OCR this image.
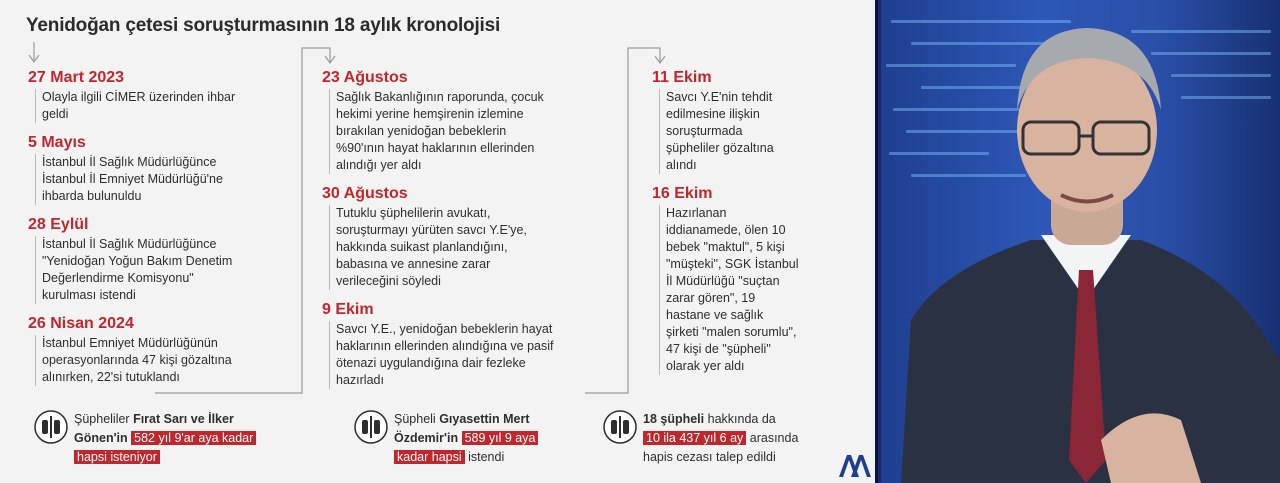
Yenidoğan çetesi soruşturmasının 18 aylık kronolojisi
27 Mart 2023
Olayla ilgili CİMER üzerinden ihbar
geldi
5 Mayıs
İstanbul İl Sağlık Müdürlüğünce
İstanbul İl Emniyet Müdürlüğü'ne
ihbarda bulunuldu
28 Eylül
İstanbul İl Sağlık Müdürlüğünce
"Yenidoğan Yoğun Bakım Denetim
Değerlendirme Komisyonu"
kurulması istendi
26 Nisan 2024
İstanbul Emniyet Müdürlüğünün
operasyonlarında 47 kişi gözaltına
alınırken, 22'si tutuklandı
23 Ağustos
Sağlık Bakanlığının raporunda, çocuk
hekimi yerine hemşirenin izlemine
bırakılan yenidoğan bebeklerin
%90'ının hayat haklarının ellerinden
alındığı yer aldı
30 Ağustos
Tutuklu şüphelilerin avukatı,
soruşturmayı yürüten savcı Y.E'ye,
hakkında suikast planlandığını,
babasına ve annesine zarar
verileceğini söyledi
9 Ekim
Savcı Y.E., yenidoğan bebeklerin hayat
haklarının ellerinden alındığına ve pasif
ötenazi uygulandığına dair fezleke
hazırladı
11 Ekim
Savcı Y.E'nin tehdit
edilmesine ilişkin
soruşturmada
şüpheliler gözaltına
alındı
16 Ekim
Hazırlanan
iddianamede, ölen 10
bebek "maktul", 5 kişi
"müşteki", SGK İstanbul
İl Müdürlüğü "suçtan
zarar gören", 19
hastane ve sağlık
şirketi "malen sorumlu",
47 kişi de "şüpheli"
olarak yer aldı
Şüpheliler Fırat Sarı ve İlker
Gönen'in 582 yıl 9'ar aya kadar
hapsi isteniyor
Şüpheli Gıyasettin Mert
Özdemir'in 589 yıl 9 aya
kadar hapsi istendi
18 şüpheli hakkında da
10 ila 437 yıl 6 ay arasında
hapis cezası talep edildi
AA
